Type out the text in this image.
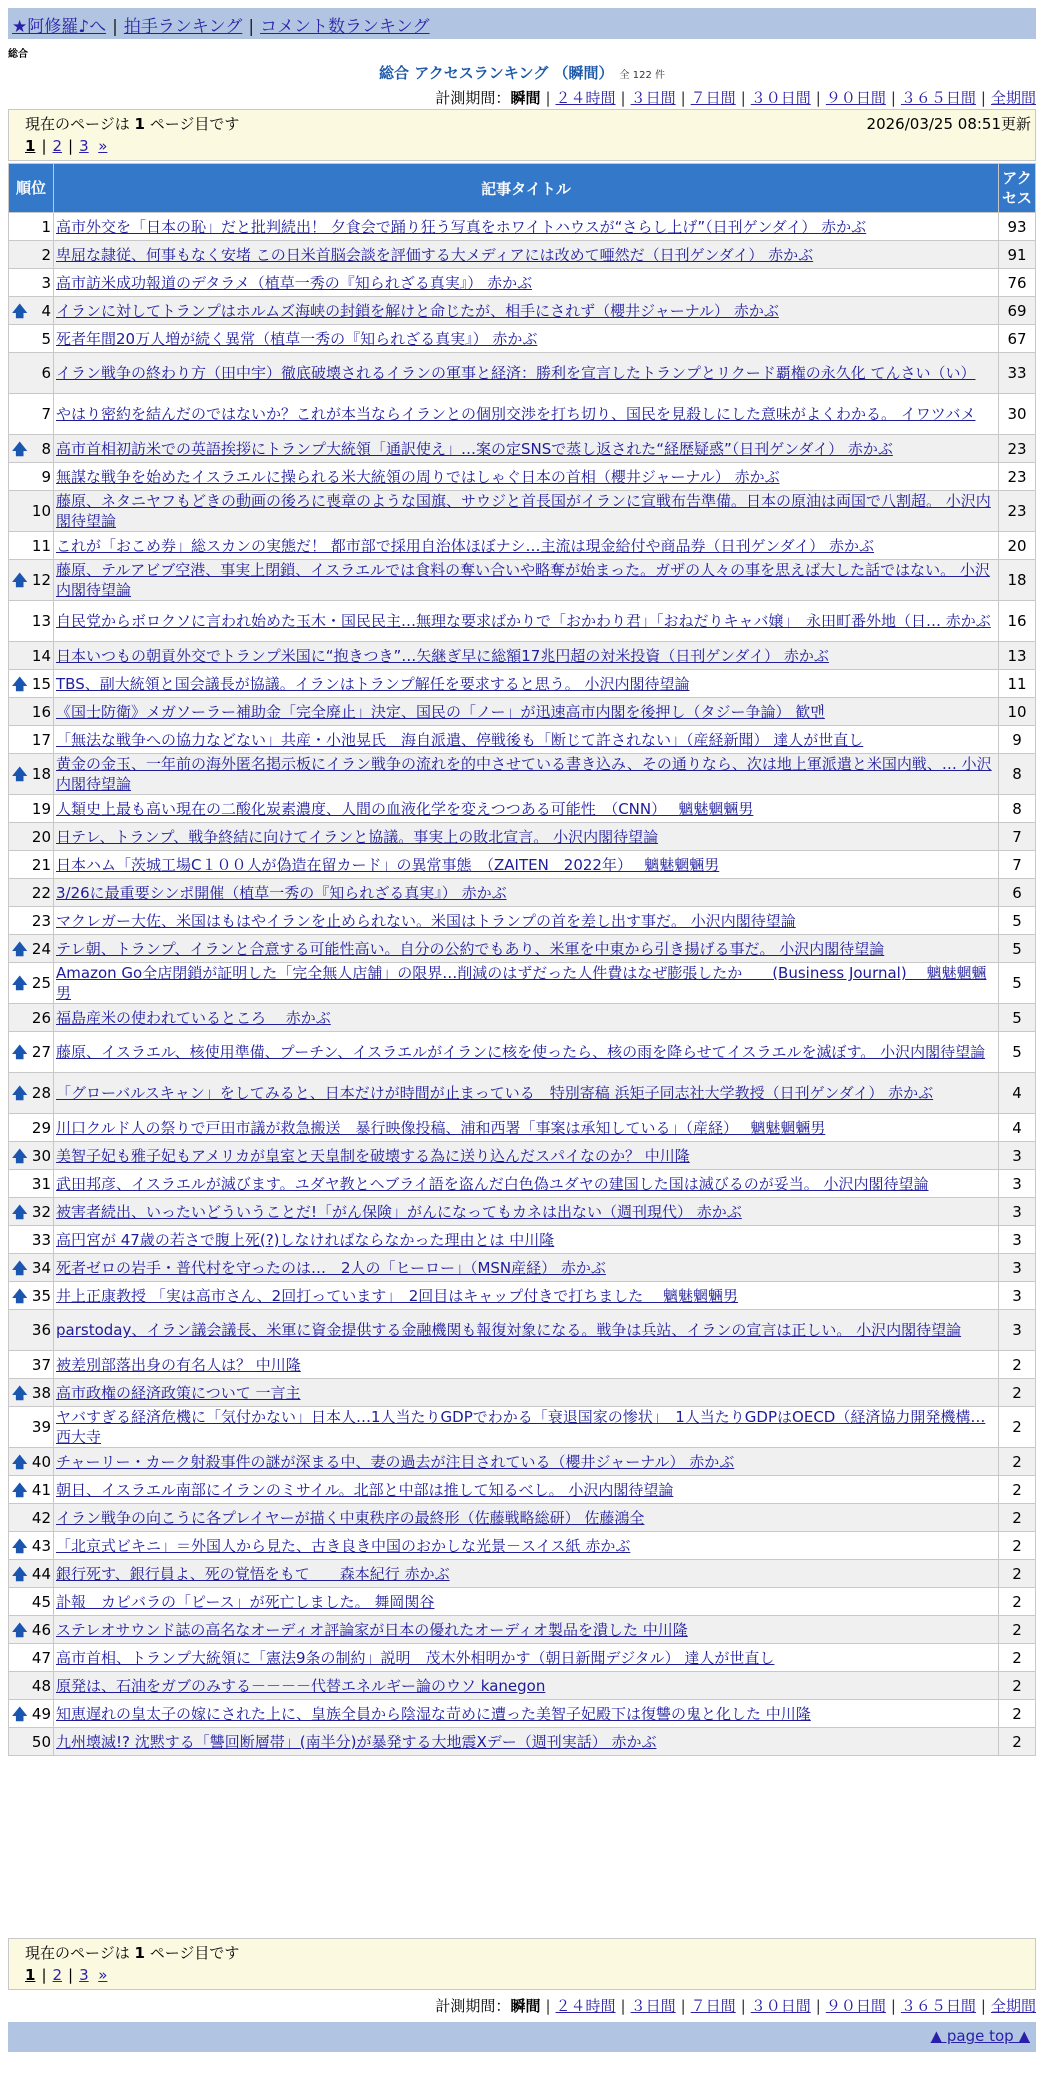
★阿修羅♪へ | 拍手ランキング | コメント数ランキング
総合
総合 アクセスランキング （瞬間） 全 122 件
計測期間：瞬間 | ２４時間 | ３日間 | ７日間 | ３０日間 | ９０日間 | ３６５日間 | 全期間
現在のページは 1 ページ目です	2026/03/25 08:51更新
1 | 2 | 3 »
順位	記事タイトル	アクセス
1	高市外交を「日本の恥」だと批判続出！ 夕食会で踊り狂う写真をホワイトハウスが“さらし上げ”（日刊ゲンダイ） 赤かぶ	93
2	卑屈な隷従、何事もなく安堵 この日米首脳会談を評価する大メディアには改めて唖然だ（日刊ゲンダイ） 赤かぶ	91
3	高市訪米成功報道のデタラメ（植草一秀の『知られざる真実』） 赤かぶ	76

🡅 4	イランに対してトランプはホルムズ海峡の封鎖を解けと命じたが、相手にされず（櫻井ジャーナル） 赤かぶ	69
5	死者年間20万人増が続く異常（植草一秀の『知られざる真実』） 赤かぶ	67
6	イラン戦争の終わり方（田中宇）徹底破壊されるイランの軍事と経済：勝利を宣言したトランプとリクード覇権の永久化 てんさい（い）	33
7	やはり密約を結んだのではないか？これが本当ならイランとの個別交渉を打ち切り、国民を見殺しにした意味がよくわかる。 イワツバメ	30

🡅 8	高市首相初訪米での英語挨拶にトランプ大統領「通訳使え」…案の定SNSで蒸し返された“経歴疑惑”（日刊ゲンダイ） 赤かぶ	23
9	無謀な戦争を始めたイスラエルに操られる米大統領の周りではしゃぐ日本の首相（櫻井ジャーナル） 赤かぶ	23
10	藤原、ネタニヤフもどきの動画の後ろに喪章のような国旗、サウジと首長国がイランに宣戦布告準備。日本の原油は両国で八割超。 小沢内閣待望論	23
11	これが「おこめ券」総スカンの実態だ！ 都市部で採用自治体ほぼナシ…主流は現金給付や商品券（日刊ゲンダイ） 赤かぶ	20

🡅 12	藤原、テルアビブ空港、事実上閉鎖、イスラエルでは食料の奪い合いや略奪が始まった。ガザの人々の事を思えば大した話ではない。 小沢内閣待望論	18
13	自民党からボロクソに言われ始めた玉木・国民民主…無理な要求ばかりで「おかわり君」「おねだりキャバ嬢」　永田町番外地（日… 赤かぶ	16
14	日本いつもの朝貢外交でトランプ米国に“抱きつき”…矢継ぎ早に総額17兆円超の対米投資（日刊ゲンダイ） 赤かぶ	13

🡅 15	TBS、副大統領と国会議長が協議。イランはトランプ解任を要求すると思う。 小沢内閣待望論	11
16	《国士防衛》メガソーラー補助金「完全廃止」決定、国民の「ノー」が迅速高市内閣を後押し（タジー争論） 歓맨	10
17	「無法な戦争への協力などない」共産・小池晃氏　海自派遣、停戦後も「断じて許されない」（産経新聞） 達人が世直し	9

🡅 18	黄金の金玉、一年前の海外匿名掲示板にイラン戦争の流れを的中させている書き込み、その通りなら、次は地上軍派遣と米国内戦、… 小沢内閣待望論	8
19	人類史上最も高い現在の二酸化炭素濃度、人間の血液化学を変えつつある可能性　（CNN）　 魑魅魍魎男	8
20	日テレ、トランプ、戦争終結に向けてイランと協議。事実上の敗北宣言。 小沢内閣待望論	7
21	日本ハム「茨城工場C１００人が偽造在留カード」の異常事態　（ZAITEN　2022年）　 魑魅魍魎男	7
22	3/26に最重要シンポ開催（植草一秀の『知られざる真実』） 赤かぶ	6
23	マクレガー大佐、米国はもはやイランを止められない。米国はトランプの首を差し出す事だ。 小沢内閣待望論	5

🡅 24	テレ朝、トランプ、イランと合意する可能性高い。自分の公約でもあり、米軍を中東から引き揚げる事だ。 小沢内閣待望論	5

🡅 25	Amazon Go全店閉鎖が証明した「完全無人店舗」の限界…削減のはずだった人件費はなぜ膨張したか　　(Business Journal)　 魑魅魍魎男	5
26	福島産米の使われているところ　 赤かぶ	5

🡅 27	藤原、イスラエル、核使用準備、プーチン、イスラエルがイランに核を使ったら、核の雨を降らせてイスラエルを滅ぼす。 小沢内閣待望論	5

🡅 28	「グローバルスキャン」をしてみると、日本だけが時間が止まっている　特別寄稿 浜矩子同志社大学教授（日刊ゲンダイ） 赤かぶ	4
29	川口クルド人の祭りで戸田市議が救急搬送　暴行映像投稿、浦和西署「事案は承知している」（産経）　 魑魅魍魎男	4

🡅 30	美智子妃も雅子妃もアメリカが皇室と天皇制を破壊する為に送り込んだスパイなのか？ 中川隆	3
31	武田邦彦、イスラエルが滅びます。ユダヤ教とヘブライ語を盗んだ白色偽ユダヤの建国した国は滅びるのが妥当。 小沢内閣待望論	3

🡅 32	被害者続出、いったいどういうことだ!「がん保険」がんになってもカネは出ない（週刊現代） 赤かぶ	3
33	高円宮が 47歳の若さで腹上死(?)しなければならなかった理由とは 中川隆	3

🡅 34	死者ゼロの岩手・普代村を守ったのは…　2人の「ヒーロー」（MSN産経） 赤かぶ	3

🡅 35	井上正康教授 「実は高市さん、2回打っています」　2回目はキャップ付きで打ちました　 魑魅魍魎男	3
36	parstoday、イラン議会議長、米軍に資金提供する金融機関も報復対象になる。戦争は兵站、イランの宣言は正しい。 小沢内閣待望論	3
37	被差別部落出身の有名人は？ 中川隆	2

🡅 38	高市政権の経済政策について 一言主	2
39	ヤバすぎる経済危機に「気付かない」日本人…1人当たりGDPでわかる「衰退国家の惨状」　1人当たりGDPはOECD（経済協力開発機構… 西大寺	2

🡅 40	チャーリー・カーク射殺事件の謎が深まる中、妻の過去が注目されている（櫻井ジャーナル） 赤かぶ	2

🡅 41	朝日、イスラエル南部にイランのミサイル。北部と中部は推して知るべし。 小沢内閣待望論	2
42	イラン戦争の向こうに各プレイヤーが描く中東秩序の最終形（佐藤戦略総研） 佐藤鴻全	2

🡅 43	「北京式ビキニ」＝外国人から見た、古き良き中国のおかしな光景－スイス紙 赤かぶ	2

🡅 44	銀行死す、銀行員よ、死の覚悟をもて　　森本紀行 赤かぶ	2
45	訃報　カピバラの「ピース」が死亡しました。 舞岡関谷	2

🡅 46	ステレオサウンド誌の高名なオーディオ評論家が日本の優れたオーディオ製品を潰した 中川隆	2
47	高市首相、トランプ大統領に「憲法9条の制約」説明　茂木外相明かす（朝日新聞デジタル） 達人が世直し	2
48	原発は、石油をガブのみする－－－－代替エネルギー論のウソ kanegon	2

🡅 49	知恵遅れの皇太子の嫁にされた上に、皇族全員から陰湿な苛めに遭った美智子妃殿下は復讐の鬼と化した 中川隆	2
50	九州壊滅!? 沈黙する「讐回断層帯」(南半分)が暴発する大地震Xデー（週刊実話） 赤かぶ	2
現在のページは 1 ページ目です
1 | 2 | 3 »
計測期間：瞬間 | ２４時間 | ３日間 | ７日間 | ３０日間 | ９０日間 | ３６５日間 | 全期間
▲ page top ▲
